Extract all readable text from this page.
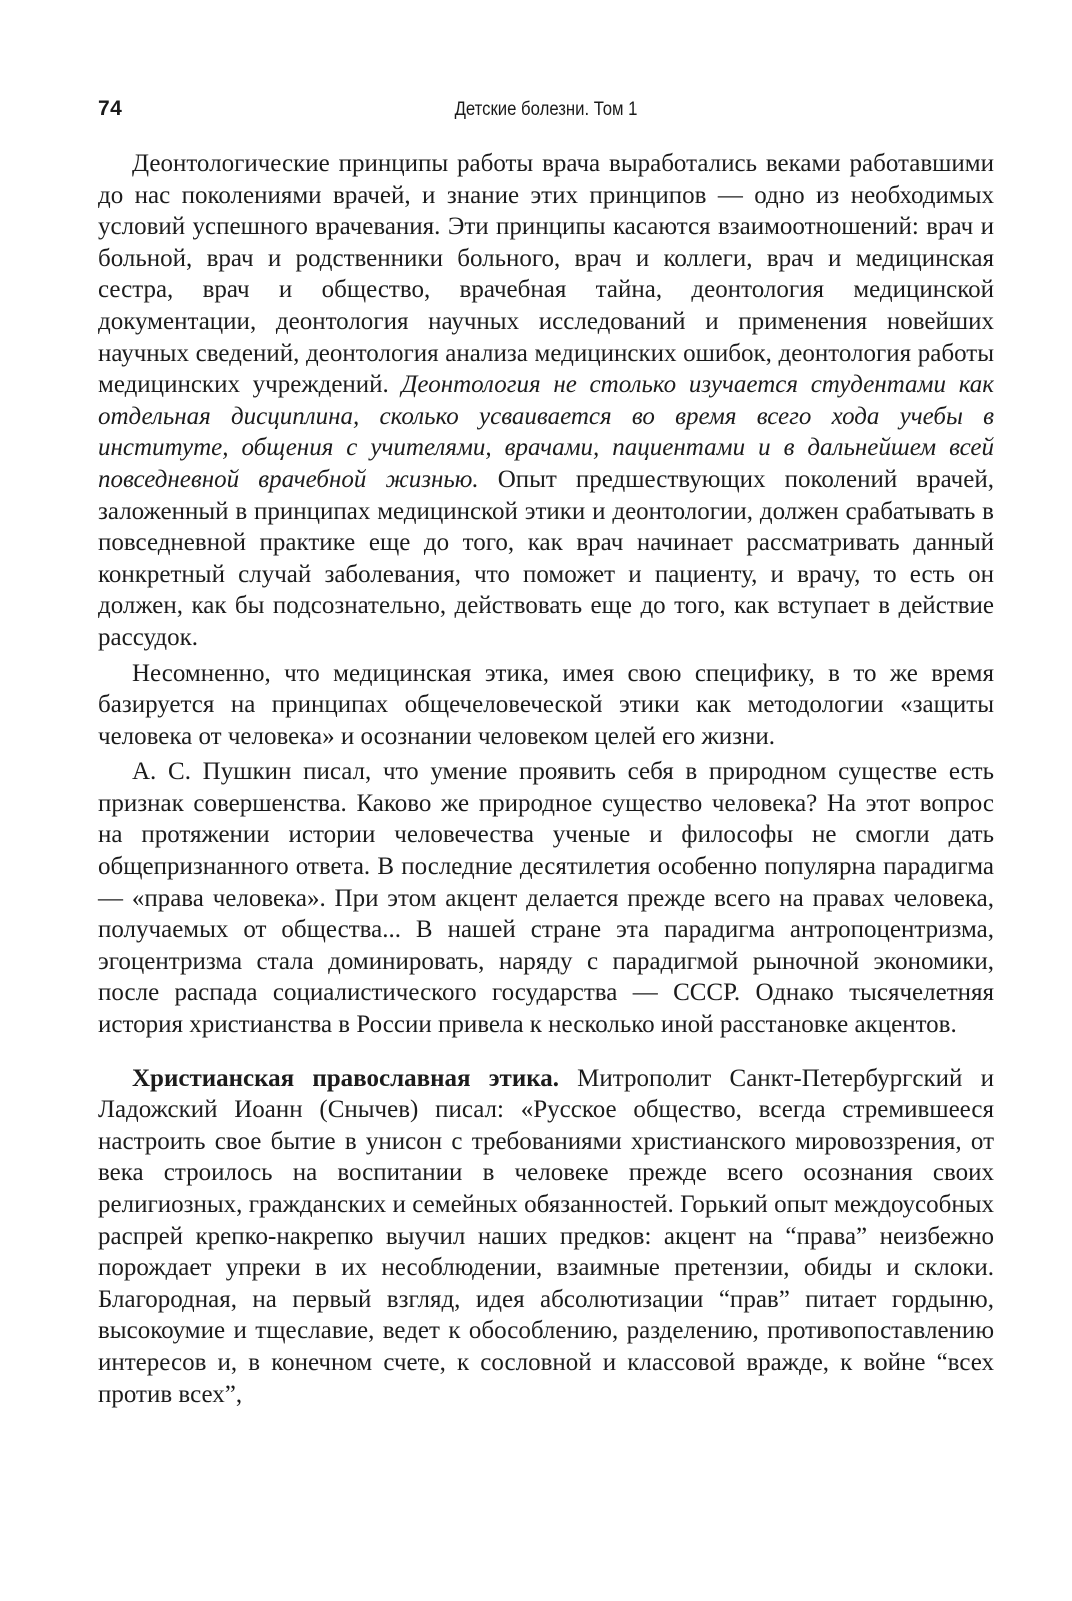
74	Детские болезни. Том 1

Деонтологические принципы работы врача выработались веками работавшими до нас поколениями врачей, и знание этих принципов — одно из необходимых условий успешного врачевания. Эти принципы касаются взаимоотношений: врач и больной, врач и родственники больного, врач и коллеги, врач и медицинская сестра, врач и общество, врачебная тайна, деонтология медицинской документации, деонтология научных исследований и применения новейших научных сведений, деонтология анализа медицинских ошибок, деонтология работы медицинских учреждений. Деонтология не столько изучается студентами как отдельная дисциплина, сколько усваивается во время всего хода учебы в институте, общения с учителями, врачами, пациентами и в дальнейшем всей повседневной врачебной жизнью. Опыт предшествующих поколений врачей, заложенный в принципах медицинской этики и деонтологии, должен срабатывать в повседневной практике еще до того, как врач начинает рассматривать данный конкретный случай заболевания, что поможет и пациенту, и врачу, то есть он должен, как бы подсознательно, действовать еще до того, как вступает в действие рассудок.

Несомненно, что медицинская этика, имея свою специфику, в то же время базируется на принципах общечеловеческой этики как методологии «защиты человека от человека» и осознании человеком целей его жизни.

А. С. Пушкин писал, что умение проявить себя в природном существе есть признак совершенства. Каково же природное существо человека? На этот вопрос на протяжении истории человечества ученые и философы не смогли дать общепризнанного ответа. В последние десятилетия особенно популярна парадигма — «права человека». При этом акцент делается прежде всего на правах человека, получаемых от общества... В нашей стране эта парадигма антропоцентризма, эгоцентризма стала доминировать, наряду с парадигмой рыночной экономики, после распада социалистического государства — СССР. Однако тысячелетняя история христианства в России привела к несколько иной расстановке акцентов.

Христианская православная этика. Митрополит Санкт-Петербургский и Ладожский Иоанн (Снычев) писал: «Русское общество, всегда стремившееся настроить свое бытие в унисон с требованиями христианского мировоззрения, от века строилось на воспитании в человеке прежде всего осознания своих религиозных, гражданских и семейных обязанностей. Горький опыт междоусобных распрей крепко-накрепко выучил наших предков: акцент на “права” неизбежно порождает упреки в их несоблюдении, взаимные претензии, обиды и склоки. Благородная, на первый взгляд, идея абсолютизации “прав” питает гордыню, высокоумие и тщеславие, ведет к обособлению, разделению, противопоставлению интересов и, в конечном счете, к сословной и классовой вражде, к войне “всех против всех”,
